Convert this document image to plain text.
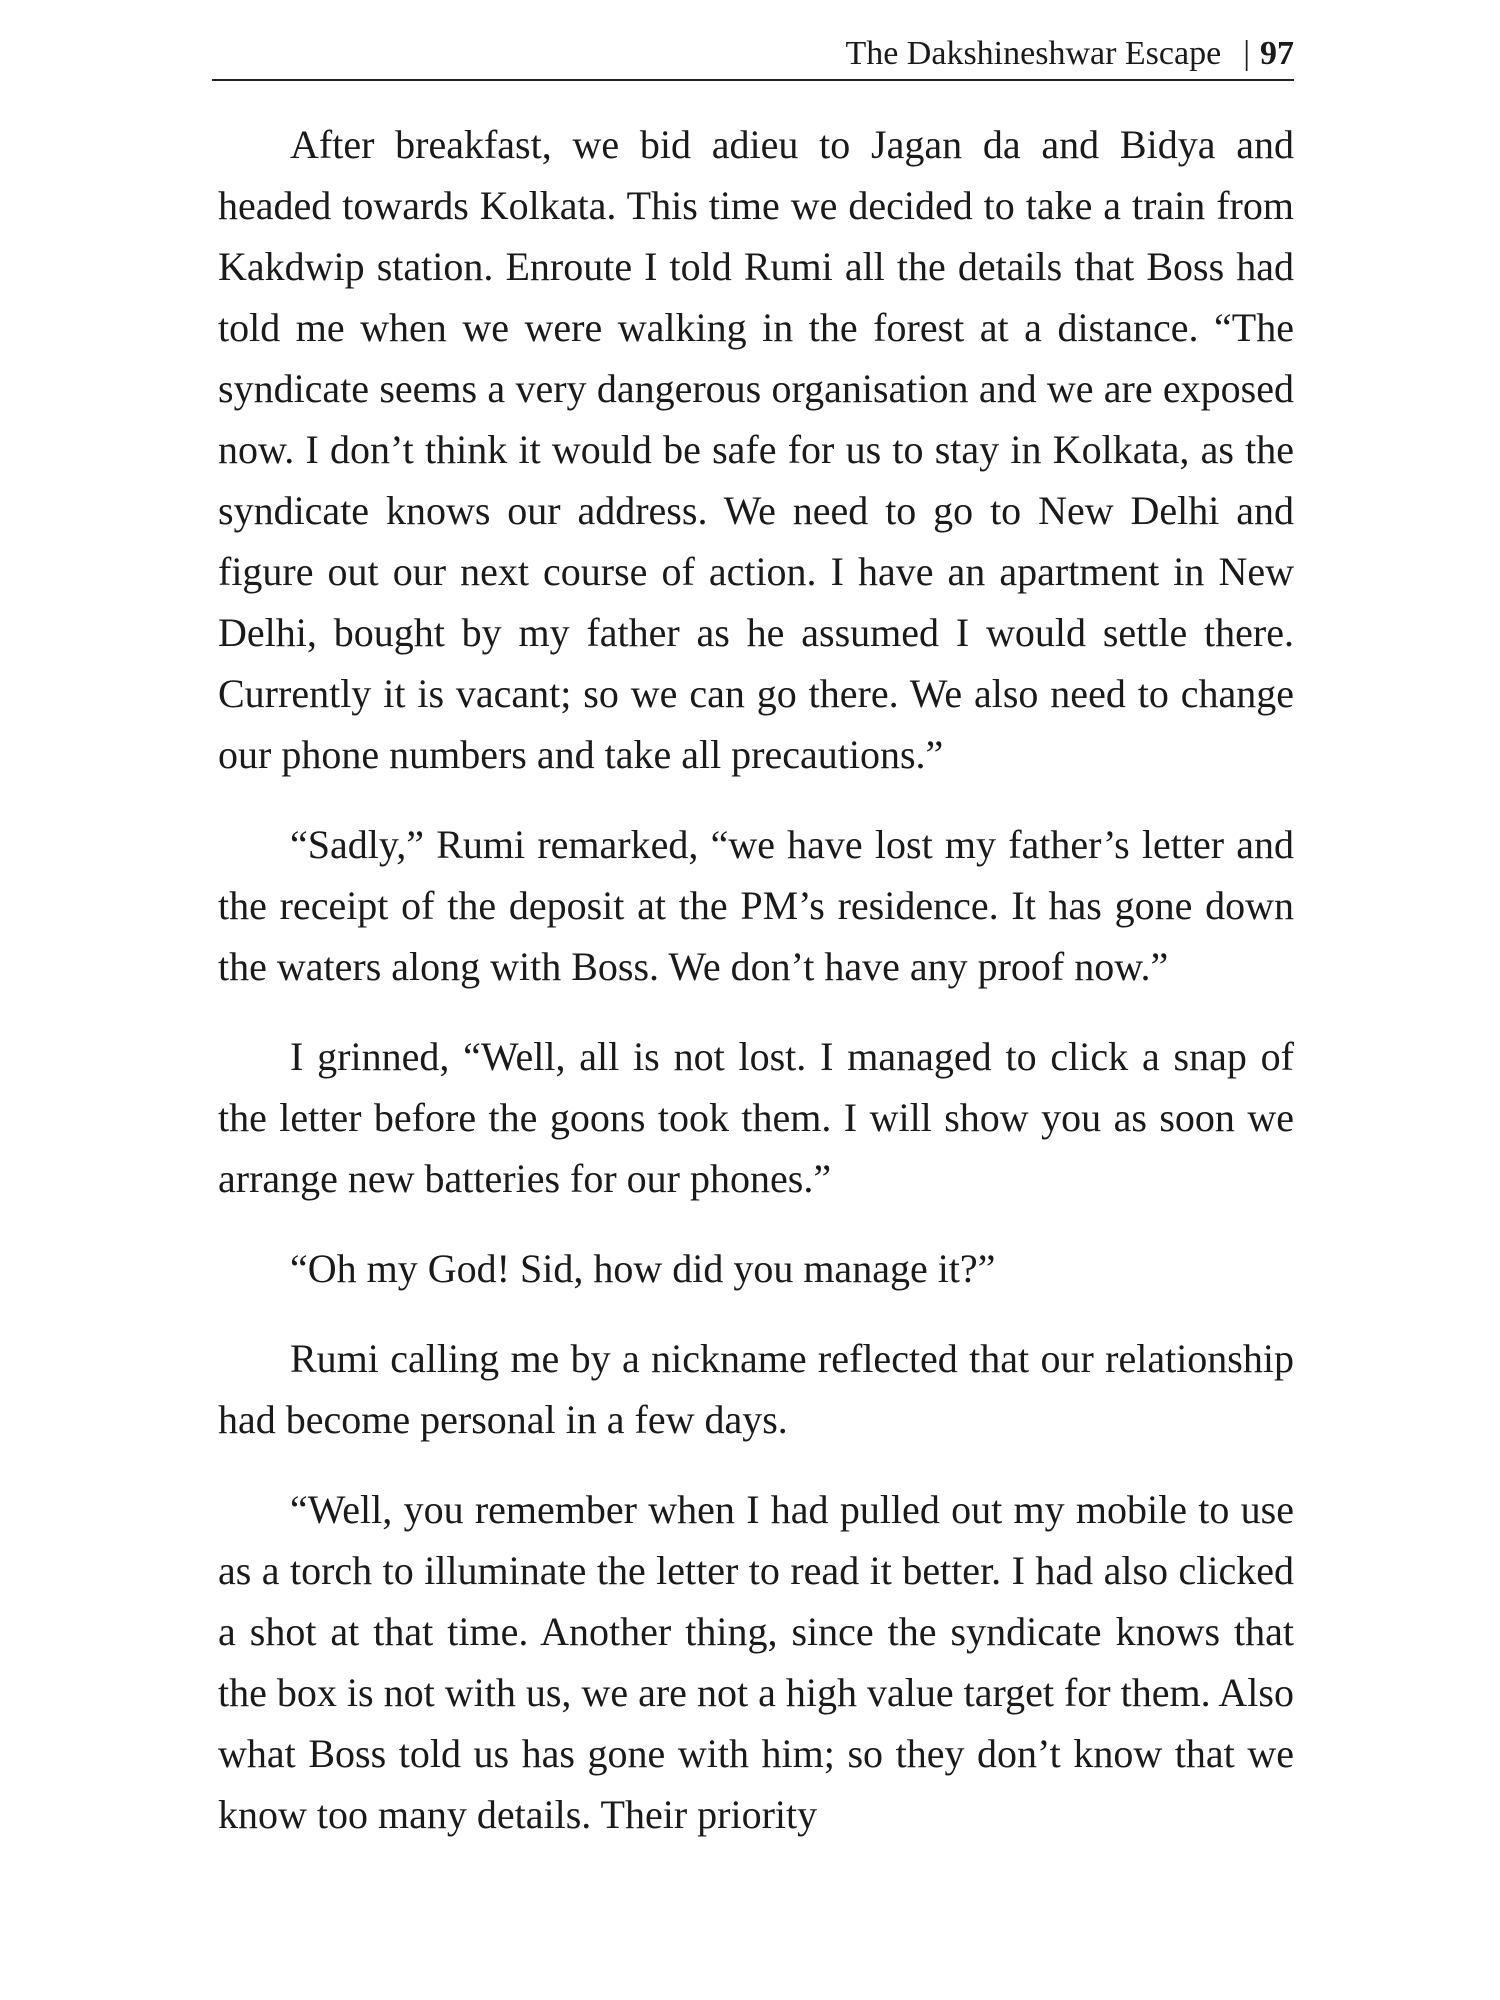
The Dakshineshwar Escape | 97

After breakfast, we bid adieu to Jagan da and Bidya and headed towards Kolkata. This time we decided to take a train from Kakdwip station. Enroute I told Rumi all the details that Boss had told me when we were walking in the forest at a distance. “The syndicate seems a very dangerous organisation and we are exposed now. I don’t think it would be safe for us to stay in Kolkata, as the syndicate knows our address. We need to go to New Delhi and figure out our next course of action. I have an apartment in New Delhi, bought by my father as he assumed I would settle there. Currently it is vacant; so we can go there. We also need to change our phone numbers and take all precautions.”

“Sadly,” Rumi remarked, “we have lost my father’s letter and the receipt of the deposit at the PM’s residence. It has gone down the waters along with Boss. We don’t have any proof now.”

I grinned, “Well, all is not lost. I managed to click a snap of the letter before the goons took them. I will show you as soon we arrange new batteries for our phones.”

“Oh my God! Sid, how did you manage it?”

Rumi calling me by a nickname reflected that our relationship had become personal in a few days.

“Well, you remember when I had pulled out my mobile to use as a torch to illuminate the letter to read it better. I had also clicked a shot at that time. Another thing, since the syndicate knows that the box is not with us, we are not a high value target for them. Also what Boss told us has gone with him; so they don’t know that we know too many details. Their priority
